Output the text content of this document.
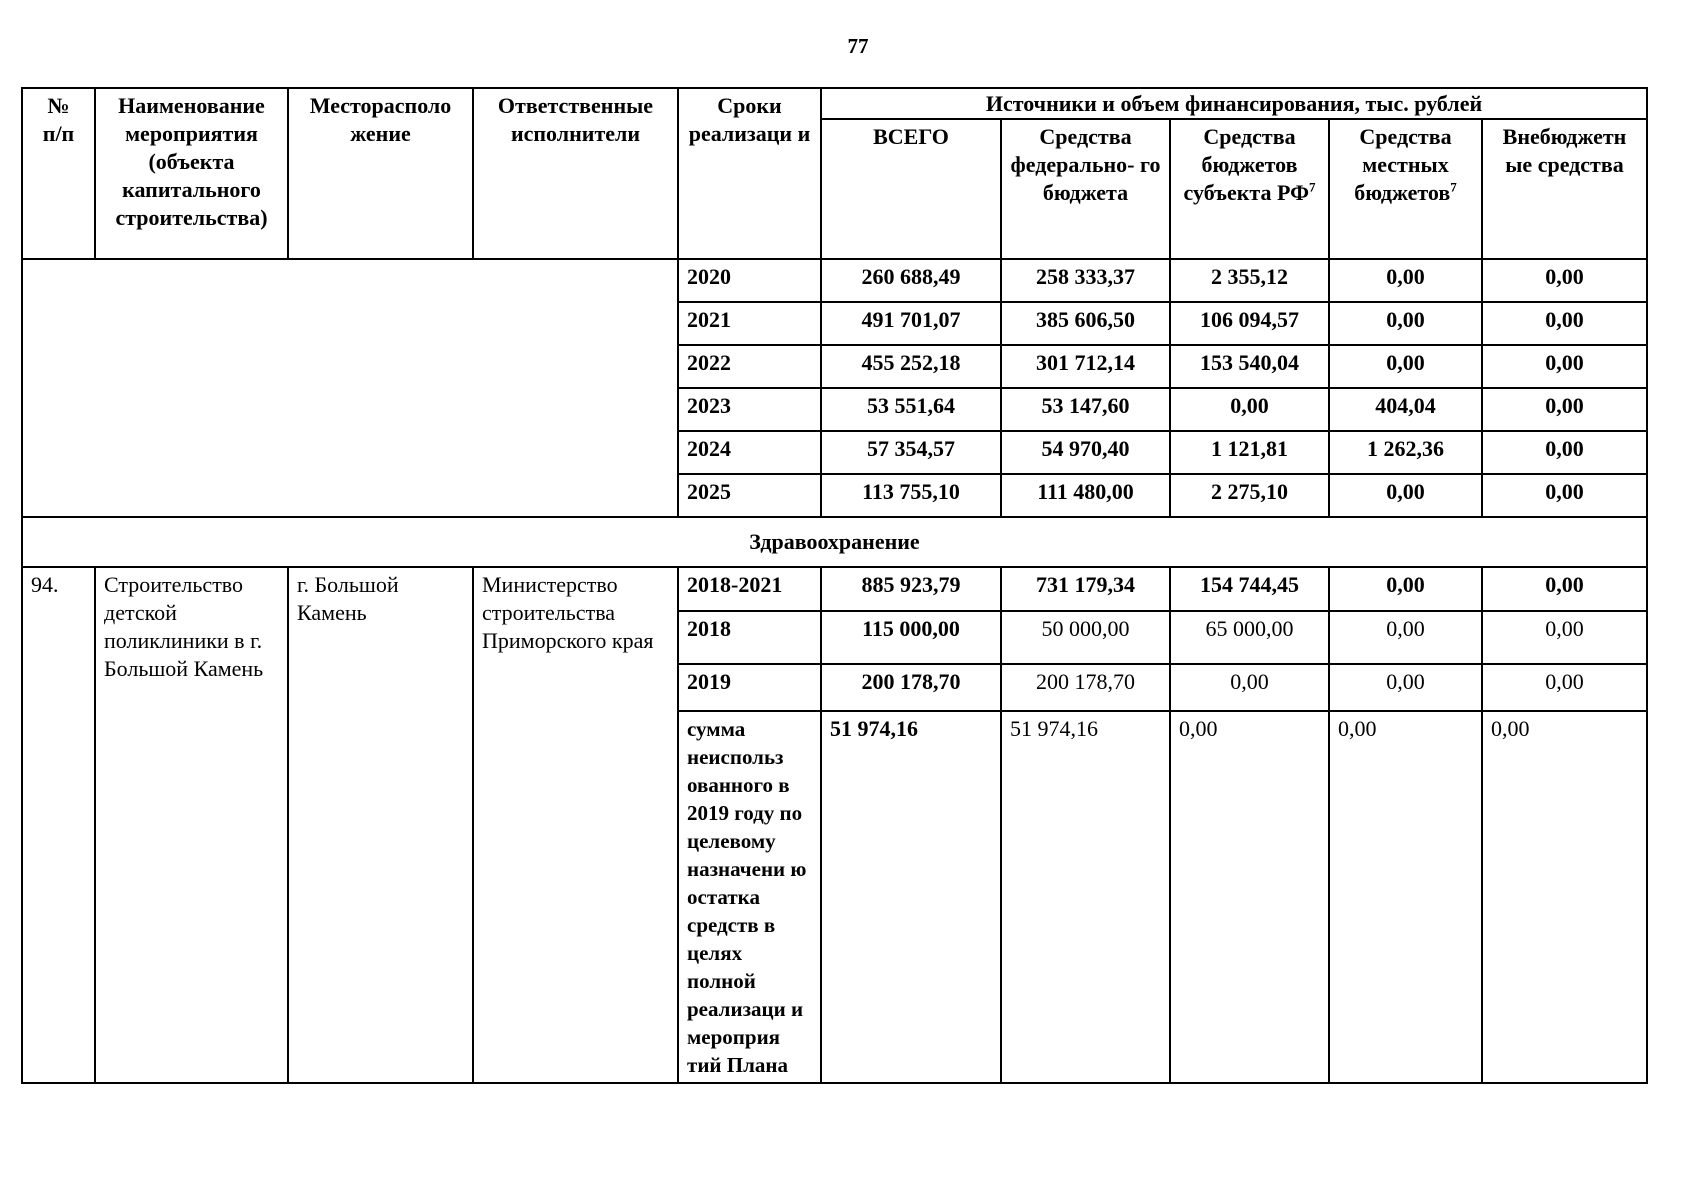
77
№
п/п	Наименование мероприятия (объекта капитального строительства)	Месторасполо жение	Ответственные исполнители	Сроки реализаци и	Источники и объем финансирования, тыс. рублей				
					ВСЕГО	Средства федерально- го бюджета	Средства бюджетов субъекта $РФ^7$	Средства местных бюджетов$^7$	Внебюджетн ые средства
				2020	260 688,49	258 333,37	2 355,12	0,00	0,00
				2021	491 701,07	385 606,50	106 094,57	0,00	0,00
				2022	455 252,18	301 712,14	153 540,04	0,00	0,00
				2023	53 551,64	53 147,60	0,00	404,04	0,00
				2024	57 354,57	54 970,40	1 121,81	1 262,36	0,00
				2025	113 755,10	111 480,00	2 275,10	0,00	0,00
Здравоохранение									
94.	Строительство детской поликлиники в г. Большой Камень	г. Большой Камень	Министерство строительства Приморского края	2018-2021	885 923,79	731 179,34	154 744,45	0,00	0,00
				2018	115 000,00	50 000,00	65 000,00	0,00	0,00
				2019	200 178,70	200 178,70	0,00	0,00	0,00
				сумма неиспольз ованного в 2019 году по целевому назначени ю остатка средств в целях полной реализаци и мероприя тий Плана	51 974,16	51 974,16	0,00	0,00	0,00
